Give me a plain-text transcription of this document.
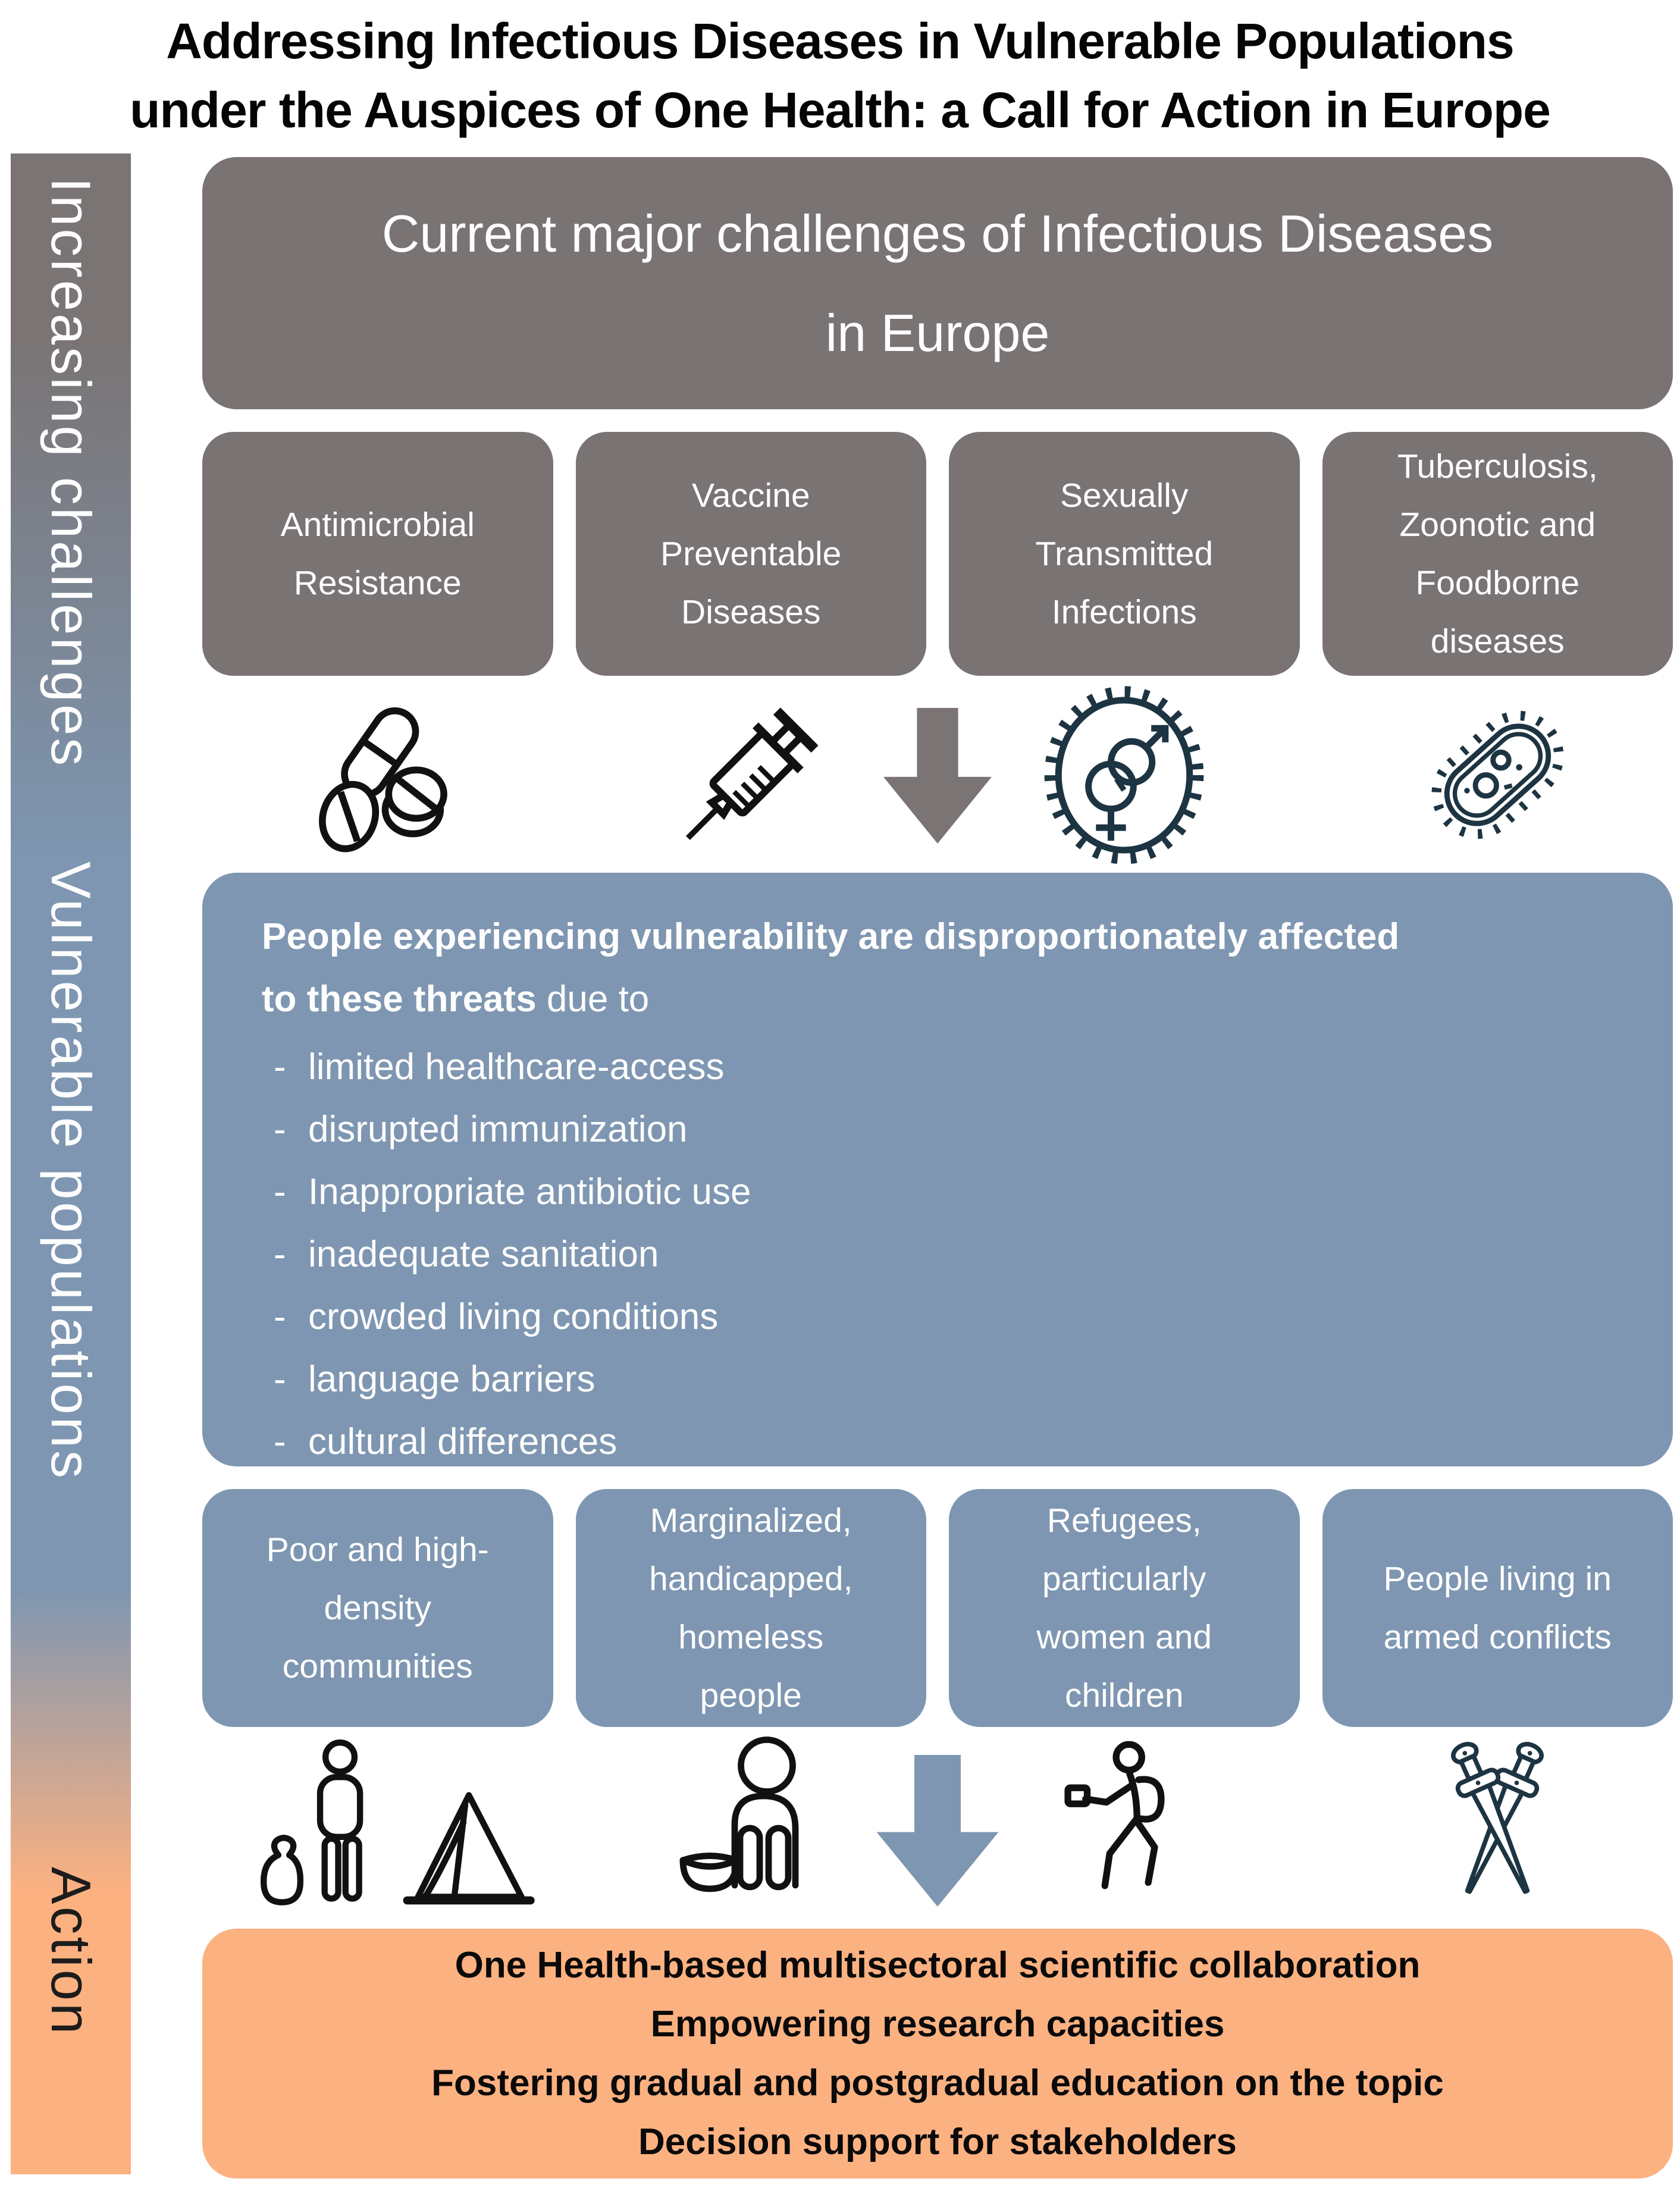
Addressing Infectious Diseases in Vulnerable Populations
under the Auspices of One Health: a Call for Action in Europe
Increasing challenges
Vulnerable populations
Action
Current major challenges of Infectious Diseases in Europe
Antimicrobial Resistance
Vaccine Preventable Diseases
Sexually Transmitted Infections
Tuberculosis, Zoonotic and Foodborne diseases
People experiencing vulnerability are disproportionately affected
to these threats due to
- limited healthcare-access
- disrupted immunization
- Inappropriate antibiotic use
- inadequate sanitation
- crowded living conditions
- language barriers
- cultural differences
Poor and high-density communities
Marginalized, handicapped, homeless people
Refugees, particularly women and children
People living in armed conflicts
One Health-based multisectoral scientific collaboration
Empowering research capacities
Fostering gradual and postgradual education on the topic
Decision support for stakeholders
